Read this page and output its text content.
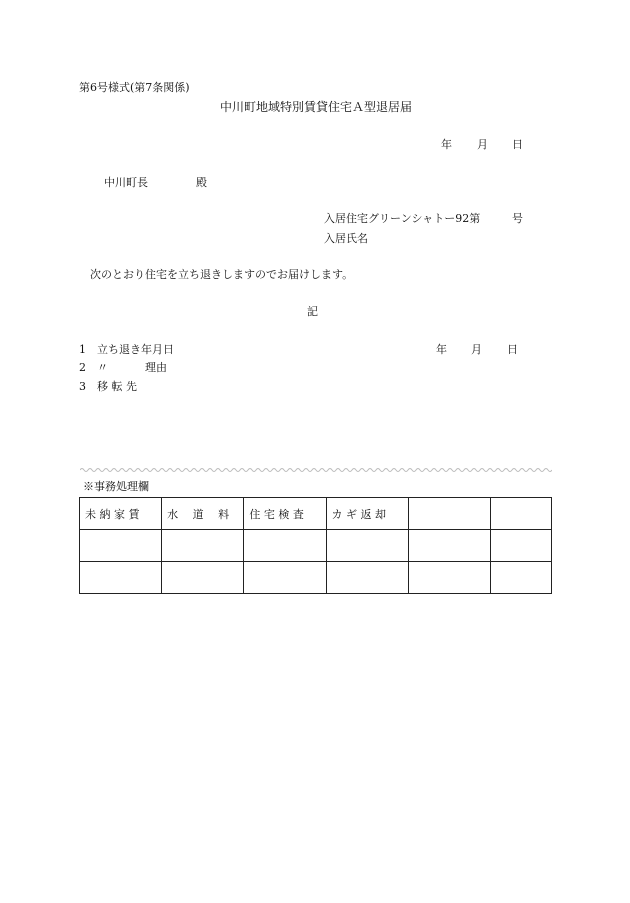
第6号様式(第7条関係)
中川町地域特別賃貸住宅Ａ型退居届
年 月 日
中川町長	殿
入居住宅グリーンシャトー92第	号
入居氏名
次のとおり住宅を立ち退きしますのでお届けします。
記
1 立ち退き年月日	年 月 日
2 〃	理由
3 移 転 先
※事務処理欄
未 納 家 賃	水　 道　 料	住 宅 検 査	カ ギ 返 却		
